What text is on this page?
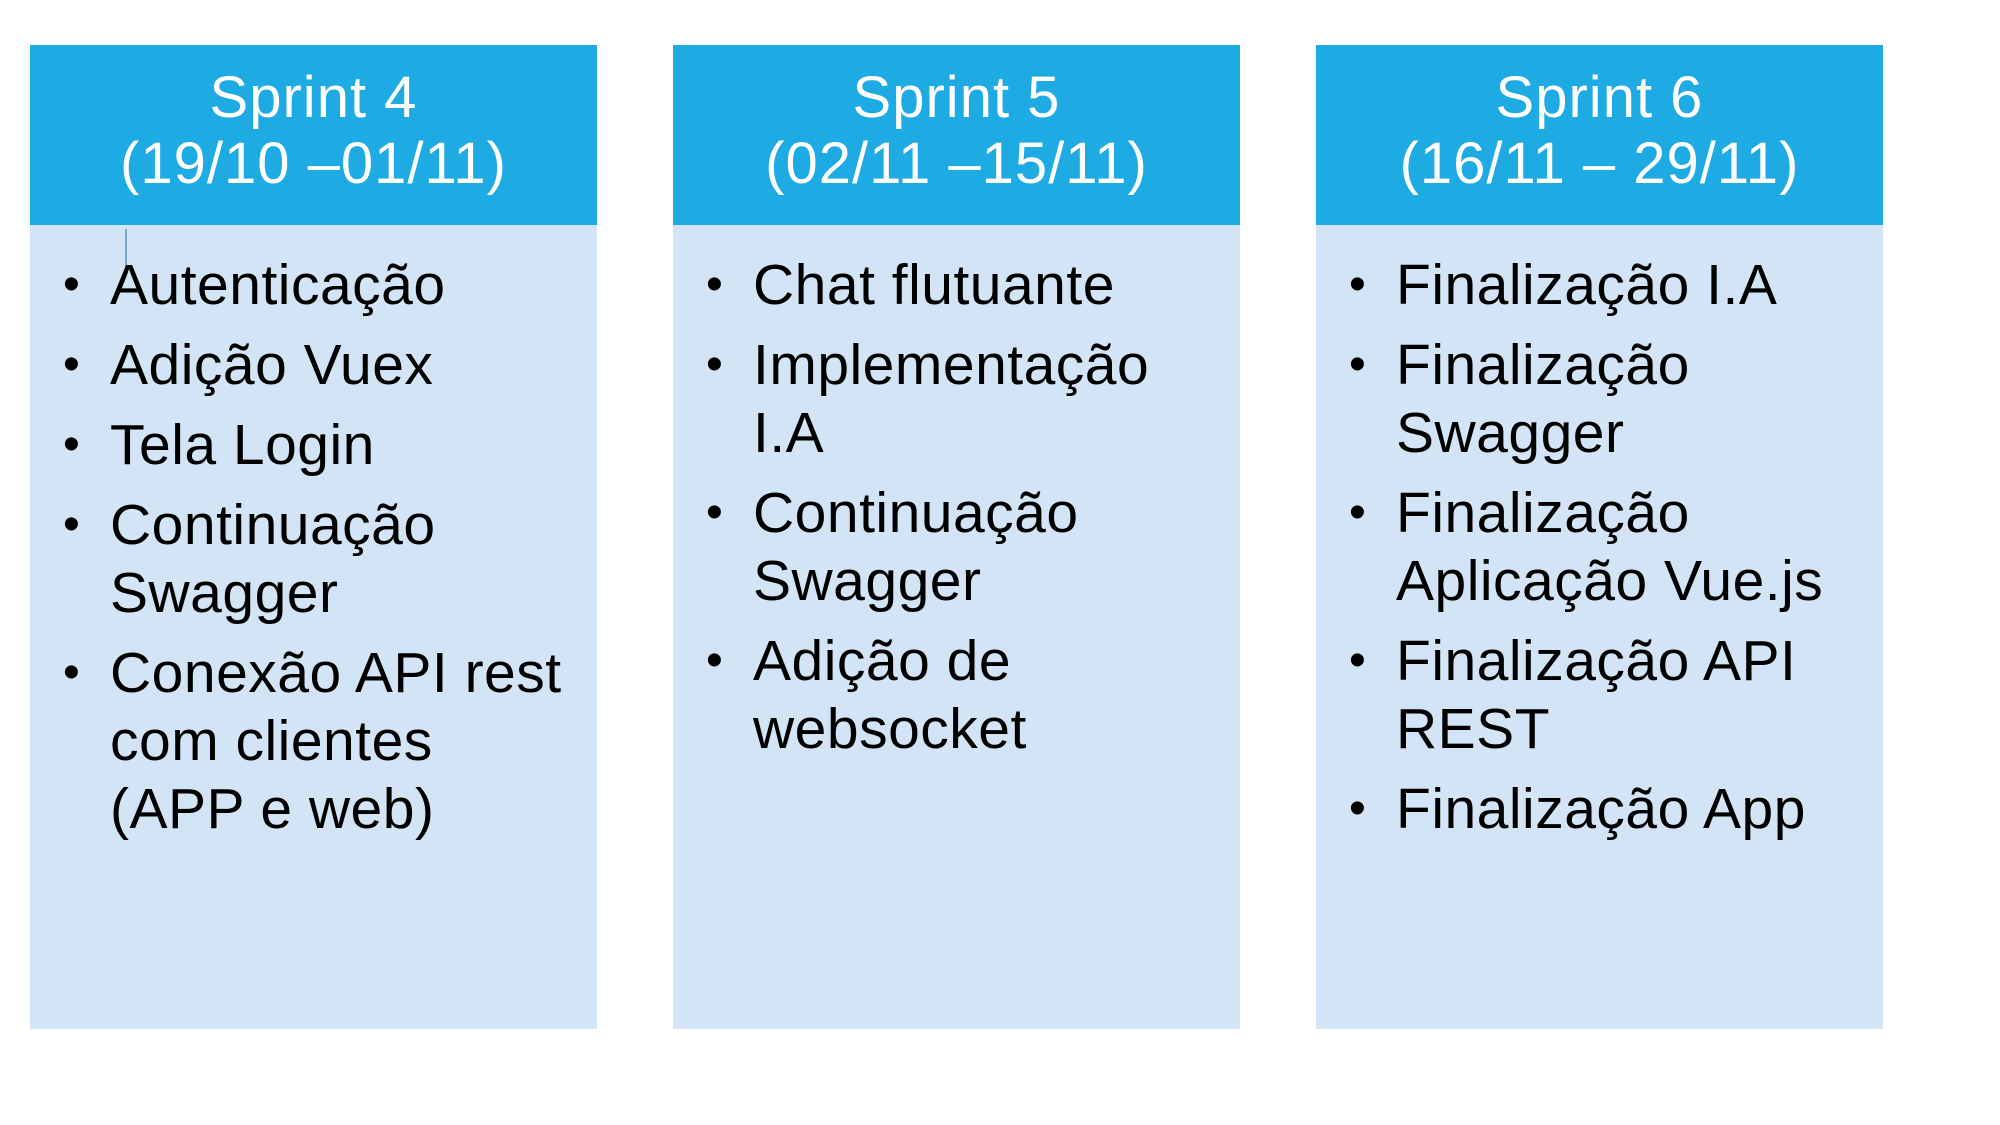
Sprint 4
(19/10 –01/11)
• Autenticação
• Adição Vuex
• Tela Login
• Continuação Swagger
• Conexão API rest com clientes (APP e web)
Sprint 5
(02/11 –15/11)
• Chat flutuante
• Implementação I.A
• Continuação Swagger
• Adição de websocket
Sprint 6
(16/11 – 29/11)
• Finalização I.A
• Finalização Swagger
• Finalização Aplicação Vue.js
• Finalização API REST
• Finalização App
